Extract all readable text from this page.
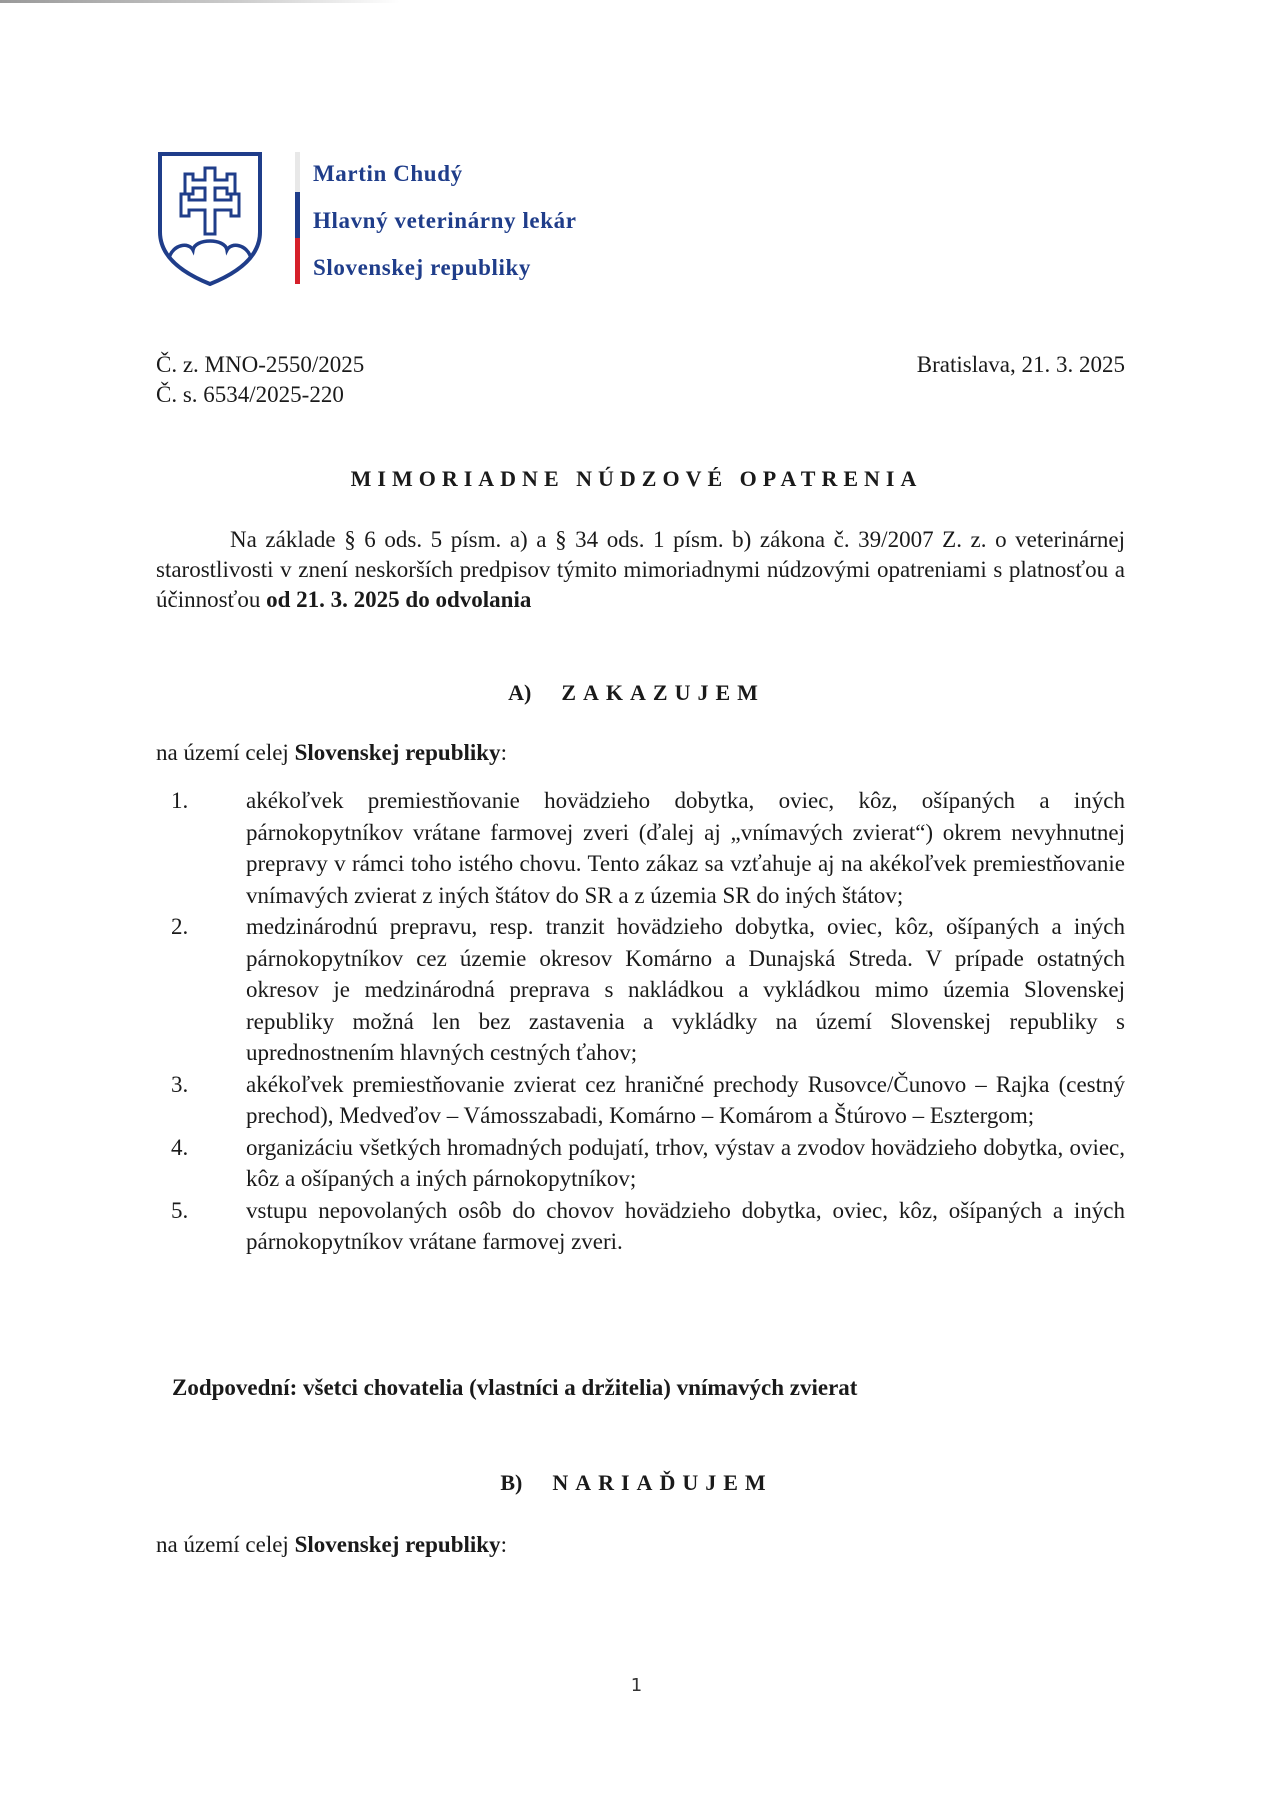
Martin Chudý
Hlavný veterinárny lekár
Slovenskej republiky
Č. z. MNO-2550/2025
Č. s. 6534/2025-220
Bratislava, 21. 3. 2025
MIMORIADNE NÚDZOVÉ OPATRENIA
Na základe § 6 ods. 5 písm. a) a § 34 ods. 1 písm. b) zákona č. 39/2007 Z. z. o veterinárnej starostlivosti v znení neskorších predpisov týmito mimoriadnymi núdzovými opatreniami s platnosťou a účinnosťou od 21. 3. 2025 do odvolania
A) ZAKAZUJEM
na území celej Slovenskej republiky:
1.	akékoľvek premiestňovanie hovädzieho dobytka, oviec, kôz, ošípaných a iných párnokopytníkov vrátane farmovej zveri (ďalej aj „vnímavých zvierat“) okrem nevyhnutnej prepravy v rámci toho istého chovu. Tento zákaz sa vzťahuje aj na akékoľvek premiestňovanie vnímavých zvierat z iných štátov do SR a z územia SR do iných štátov;
2.	medzinárodnú prepravu, resp. tranzit hovädzieho dobytka, oviec, kôz, ošípaných a iných párnokopytníkov cez územie okresov Komárno a Dunajská Streda. V prípade ostatných okresov je medzinárodná preprava s nakládkou a vykládkou mimo územia Slovenskej republiky možná len bez zastavenia a vykládky na území Slovenskej republiky s uprednostnením hlavných cestných ťahov;
3.	akékoľvek premiestňovanie zvierat cez hraničné prechody Rusovce/Čunovo – Rajka (cestný prechod), Medveďov – Vámosszabadi, Komárno – Komárom a Štúrovo – Esztergom;
4.	organizáciu všetkých hromadných podujatí, trhov, výstav a zvodov hovädzieho dobytka, oviec, kôz a ošípaných a iných párnokopytníkov;
5.	vstupu nepovolaných osôb do chovov hovädzieho dobytka, oviec, kôz, ošípaných a iných párnokopytníkov vrátane farmovej zveri.
Zodpovední: všetci chovatelia (vlastníci a držitelia) vnímavých zvierat
B) NARIAĎUJEM
na území celej Slovenskej republiky:
1
